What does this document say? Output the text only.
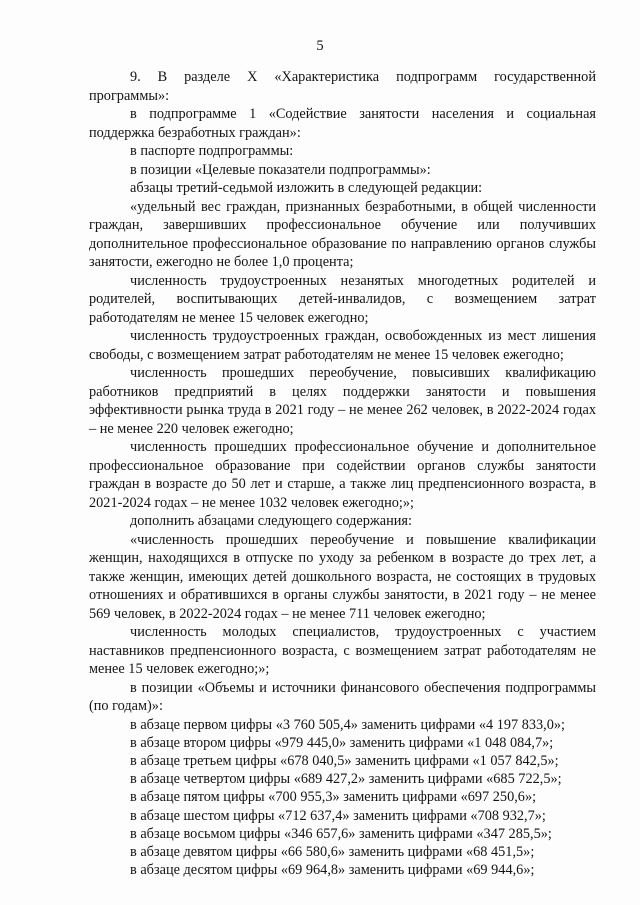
5

9. В разделе X «Характеристика подпрограмм государственной программы»:

в подпрограмме 1 «Содействие занятости населения и социальная поддержка безработных граждан»:

в паспорте подпрограммы:

в позиции «Целевые показатели подпрограммы»:

абзацы третий-седьмой изложить в следующей редакции:

«удельный вес граждан, признанных безработными, в общей численности граждан, завершивших профессиональное обучение или получивших дополнительное профессиональное образование по направлению органов службы занятости, ежегодно не более 1,0 процента;

численность трудоустроенных незанятых многодетных родителей и родителей, воспитывающих детей-инвалидов, с возмещением затрат работодателям не менее 15 человек ежегодно;

численность трудоустроенных граждан, освобожденных из мест лишения свободы, с возмещением затрат работодателям не менее 15 человек ежегодно;

численность прошедших переобучение, повысивших квалификацию работников предприятий в целях поддержки занятости и повышения эффективности рынка труда в 2021 году – не менее 262 человек, в 2022-2024 годах – не менее 220 человек ежегодно;

численность прошедших профессиональное обучение и дополнительное профессиональное образование при содействии органов службы занятости граждан в возрасте до 50 лет и старше, а также лиц предпенсионного возраста, в 2021-2024 годах – не менее 1032 человек ежегодно;»;

дополнить абзацами следующего содержания:

«численность прошедших переобучение и повышение квалификации женщин, находящихся в отпуске по уходу за ребенком в возрасте до трех лет, а также женщин, имеющих детей дошкольного возраста, не состоящих в трудовых отношениях и обратившихся в органы службы занятости, в 2021 году – не менее 569 человек, в 2022-2024 годах – не менее 711 человек ежегодно;

численность молодых специалистов, трудоустроенных с участием наставников предпенсионного возраста, с возмещением затрат работодателям не менее 15 человек ежегодно;»;

в позиции «Объемы и источники финансового обеспечения подпрограммы (по годам)»:

в абзаце первом цифры «3 760 505,4» заменить цифрами «4 197 833,0»;

в абзаце втором цифры «979 445,0» заменить цифрами «1 048 084,7»;

в абзаце третьем цифры «678 040,5» заменить цифрами «1 057 842,5»;

в абзаце четвертом цифры «689 427,2» заменить цифрами «685 722,5»;

в абзаце пятом цифры «700 955,3» заменить цифрами «697 250,6»;

в абзаце шестом цифры «712 637,4» заменить цифрами «708 932,7»;

в абзаце восьмом цифры «346 657,6» заменить цифрами «347 285,5»;

в абзаце девятом цифры «66 580,6» заменить цифрами «68 451,5»;

в абзаце десятом цифры «69 964,8» заменить цифрами «69 944,6»;
